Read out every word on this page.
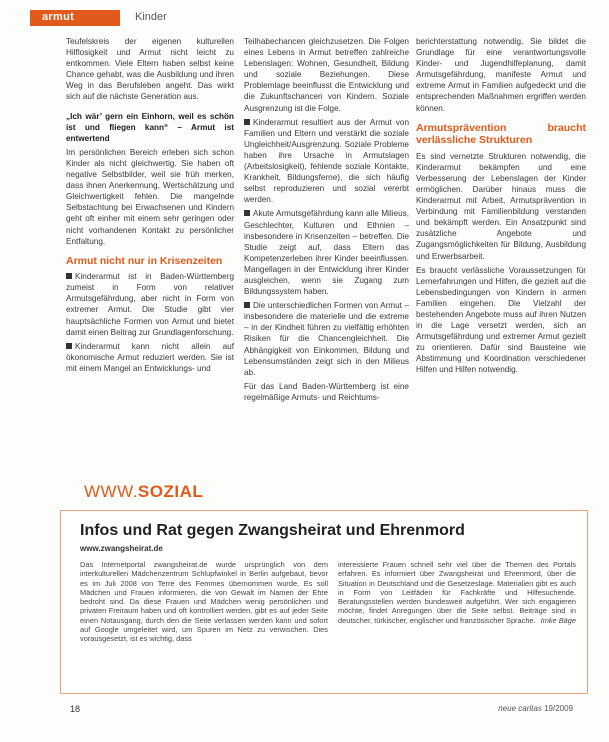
armut	Kinder

Teufelskreis der eigenen kulturellen Hilflosigkeit und Armut nicht leicht zu entkommen. Viele Eltern haben selbst keine Chance gehabt, was die Ausbildung und ihren Weg in das Berufsleben angeht. Das wirkt sich auf die nächste Generation aus.

„Ich wär’ gern ein Einhorn, weil es schön ist und fliegen kann“ – Armut ist entwertend

Im persönlichen Bereich erleben sich schon Kinder als nicht gleichwertig. Sie haben oft negative Selbstbilder, weil sie früh merken, dass ihnen Anerkennung, Wertschätzung und Gleichwertigkeit fehlen. Die mangelnde Selbstachtung bei Erwachsenen und Kindern geht oft einher mit einem sehr geringen oder nicht vorhandenen Kontakt zu persönlicher Entfaltung.

Armut nicht nur in Krisenzeiten

Kinderarmut ist in Baden-Württemberg zumeist in Form von relativer Armutsgefährdung, aber nicht in Form von extremer Armut. Die Studie gibt vier hauptsächliche Formen von Armut und bietet damit einen Beitrag zur Grundlagenforschung.

Kinderarmut kann nicht allein auf ökonomische Armut reduziert werden. Sie ist mit einem Mangel an Entwicklungs- und

Teilhabechancen gleichzusetzen. Die Folgen eines Lebens in Armut betreffen zahlreiche Lebenslagen: Wohnen, Gesundheit, Bildung und soziale Beziehungen. Diese Problemlage beeinflusst die Entwicklung und die Zukunftschancen von Kindern. Soziale Ausgrenzung ist die Folge.

Kinderarmut resultiert aus der Armut von Familien und Eltern und verstärkt die soziale Ungleichheit/Ausgrenzung. Soziale Probleme haben ihre Ursache in Armutslagen (Arbeitslosigkeit), fehlende soziale Kontakte, Krankheit, Bildungsferne), die sich häufig selbst reproduzieren und sozial vererbt werden.

Akute Armutsgefährdung kann alle Milieus, Geschlechter, Kulturen und Ethnien – insbesondere in Krisenzeiten – betreffen. Die Studie zeigt auf, dass Eltern das Kompetenzerleben ihrer Kinder beeinflussen. Mangellagen in der Entwicklung ihrer Kinder ausgleichen, wenn sie Zugang zum Bildungssystem haben.

Die unterschiedlichen Formen von Armut – insbesondere die materielle und die extreme – in der Kindheit führen zu vielfältig erhöhten Risiken für die Chancengleichheit. Die Abhängigkeit von Einkommen, Bildung und Lebensumständen zeigt sich in den Milieus ab.

Für das Land Baden-Württemberg ist eine regelmäßige Armuts- und Reichtums-

berichterstattung notwendig. Sie bildet die Grundlage für eine verantwortungsvolle Kinder- und Jugendhilfeplanung, damit Armutsgefährdung, manifeste Armut und extreme Armut in Familien aufgedeckt und die entsprechenden Maßnahmen ergriffen werden können.

Armutsprävention braucht verlässliche Strukturen

Es sind vernetzte Strukturen notwendig, die Kinderarmut bekämpfen und eine Verbesserung der Lebenslagen der Kinder ermöglichen. Darüber hinaus muss die Kinderarmut mit Arbeit, Armutsprävention in Verbindung mit Familienbildung verstanden und bekämpft werden. Ein Ansatzpunkt sind zusätzliche Angebote und Zugangsmöglichkeiten für Bildung, Ausbildung und Erwerbsarbeit.

Es braucht verlässliche Voraussetzungen für Lernerfahrungen und Hilfen, die gezielt auf die Lebensbedingungen von Kindern in armen Familien eingehen. Die Vielzahl der bestehenden Angebote muss auf ihren Nutzen in die Lage versetzt werden, sich an Armutsgefährdung und extremer Armut gezielt zu orientieren. Dafür sind Bausteine wie Abstimmung und Koordination verschiedener Hilfen und Hilfen notwendig.

WWW.SOZIAL
Infos und Rat gegen Zwangsheirat und Ehrenmord
www.zwangsheirat.de
Das Internetportal zwangsheirat.de wurde ursprünglich von dem interkulturellen Mädchenzentrum Schlupfwinkel in Berlin aufgebaut, bevor es im Juli 2008 von Terre des Femmes übernommen wurde. Es soll Mädchen und Frauen informieren, die von Gewalt im Namen der Ehre bedroht sind. Da diese Frauen und Mädchen wenig persönlichen und privaten Freiraum haben und oft kontrolliert werden, gibt es auf jeder Seite einen Notausgang, durch den die Seite verlassen werden kann und sofort auf Google umgeleitet wird, um Spuren im Netz zu verwischen. Dies vorausgesetzt, ist es wichtig, dass
interessierte Frauen schnell sehr viel über die Themen des Portals erfahren. Es informiert über Zwangsheirat und Ehrenmord, über die Situation in Deutschland und die Gesetzeslage. Materialien gibt es auch in Form von Leitfäden für Fachkräfte und Hilfesuchende. Beratungsstellen werden bundesweit aufgeführt. Wer sich engagieren möchte, findet Anregungen über die Seite selbst. Beiträge sind in deutscher, türkischer, englischer und französischer Sprache. Imke Bäge
18	neue caritas 19/2009
